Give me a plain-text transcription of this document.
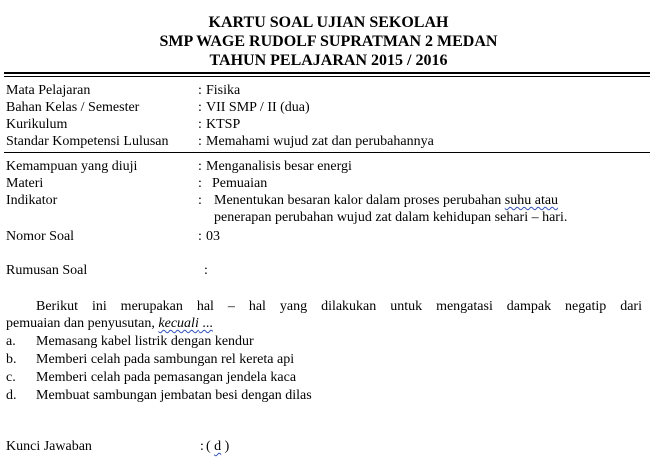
KARTU SOAL UJIAN SEKOLAH
SMP WAGE RUDOLF SUPRATMAN 2 MEDAN
TAHUN PELAJARAN 2015 / 2016
Mata Pelajaran	: Fisika
Bahan Kelas / Semester	: VII SMP / II (dua)
Kurikulum	: KTSP
Standar Kompetensi Lulusan : Memahami wujud zat dan perubahannya
Kemampuan yang diuji	: Menganalisis besar energi
Materi	: Pemuaian
Indikator	: Menentukan besaran kalor dalam proses perubahan suhu atau
penerapan perubahan wujud zat dalam kehidupan sehari – hari.
Nomor Soal	: 03
Rumusan Soal	:
Berikut ini merupakan hal – hal yang dilakukan untuk mengatasi dampak negatip dari
pemuaian dan penyusutan, kecuali ...
a. Memasang kabel listrik dengan kendur
b. Memberi celah pada sambungan rel kereta api
c. Memberi celah pada pemasangan jendela kaca
d. Membuat sambungan jembatan besi dengan dilas
Kunci Jawaban	: ( d )
